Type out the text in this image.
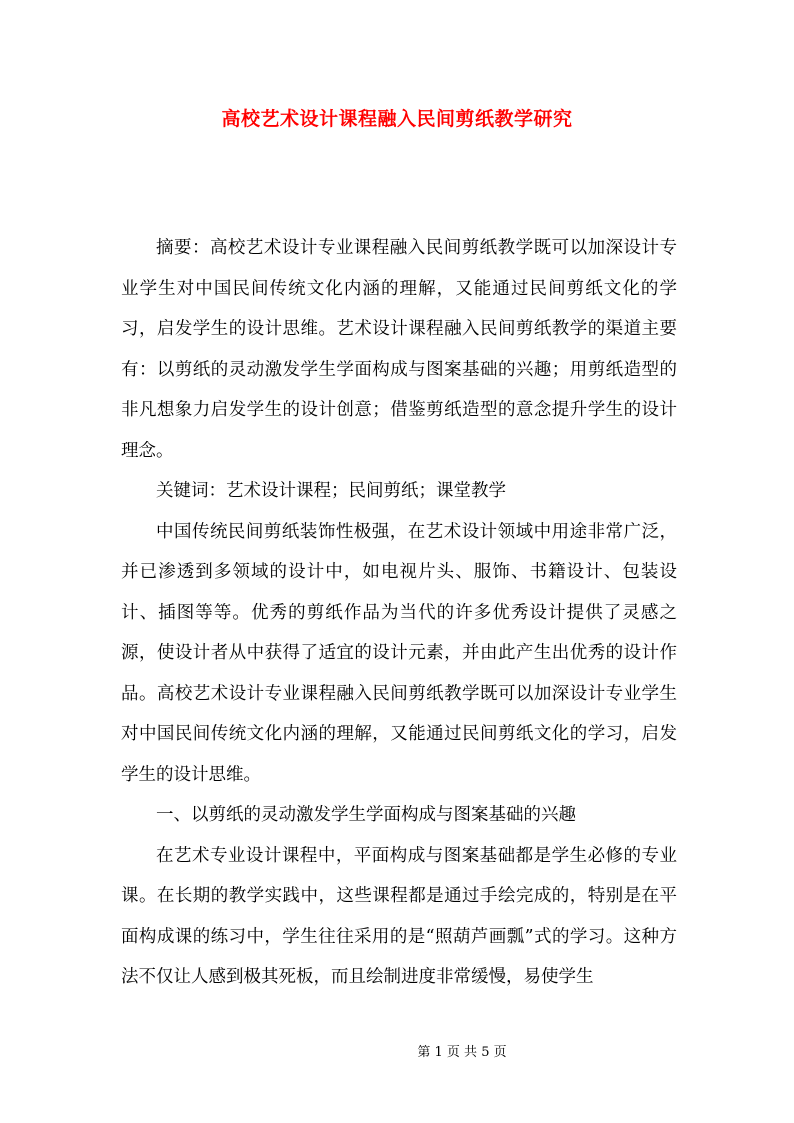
高校艺术设计课程融入民间剪纸教学研究

摘要：高校艺术设计专业课程融入民间剪纸教学既可以加深设计专业学生对中国民间传统文化内涵的理解，又能通过民间剪纸文化的学习，启发学生的设计思维。艺术设计课程融入民间剪纸教学的渠道主要有：以剪纸的灵动激发学生学面构成与图案基础的兴趣；用剪纸造型的非凡想象力启发学生的设计创意；借鉴剪纸造型的意念提升学生的设计理念。

关键词：艺术设计课程；民间剪纸；课堂教学

中国传统民间剪纸装饰性极强，在艺术设计领域中用途非常广泛，并已渗透到多领域的设计中，如电视片头、服饰、书籍设计、包装设计、插图等等。优秀的剪纸作品为当代的许多优秀设计提供了灵感之源，使设计者从中获得了适宜的设计元素，并由此产生出优秀的设计作品。高校艺术设计专业课程融入民间剪纸教学既可以加深设计专业学生对中国民间传统文化内涵的理解，又能通过民间剪纸文化的学习，启发学生的设计思维。

一、以剪纸的灵动激发学生学面构成与图案基础的兴趣

在艺术专业设计课程中，平面构成与图案基础都是学生必修的专业课。在长期的教学实践中，这些课程都是通过手绘完成的，特别是在平面构成课的练习中，学生往往采用的是“照葫芦画瓢”式的学习。这种方法不仅让人感到极其死板，而且绘制进度非常缓慢，易使学生

第 1 页 共 5 页
